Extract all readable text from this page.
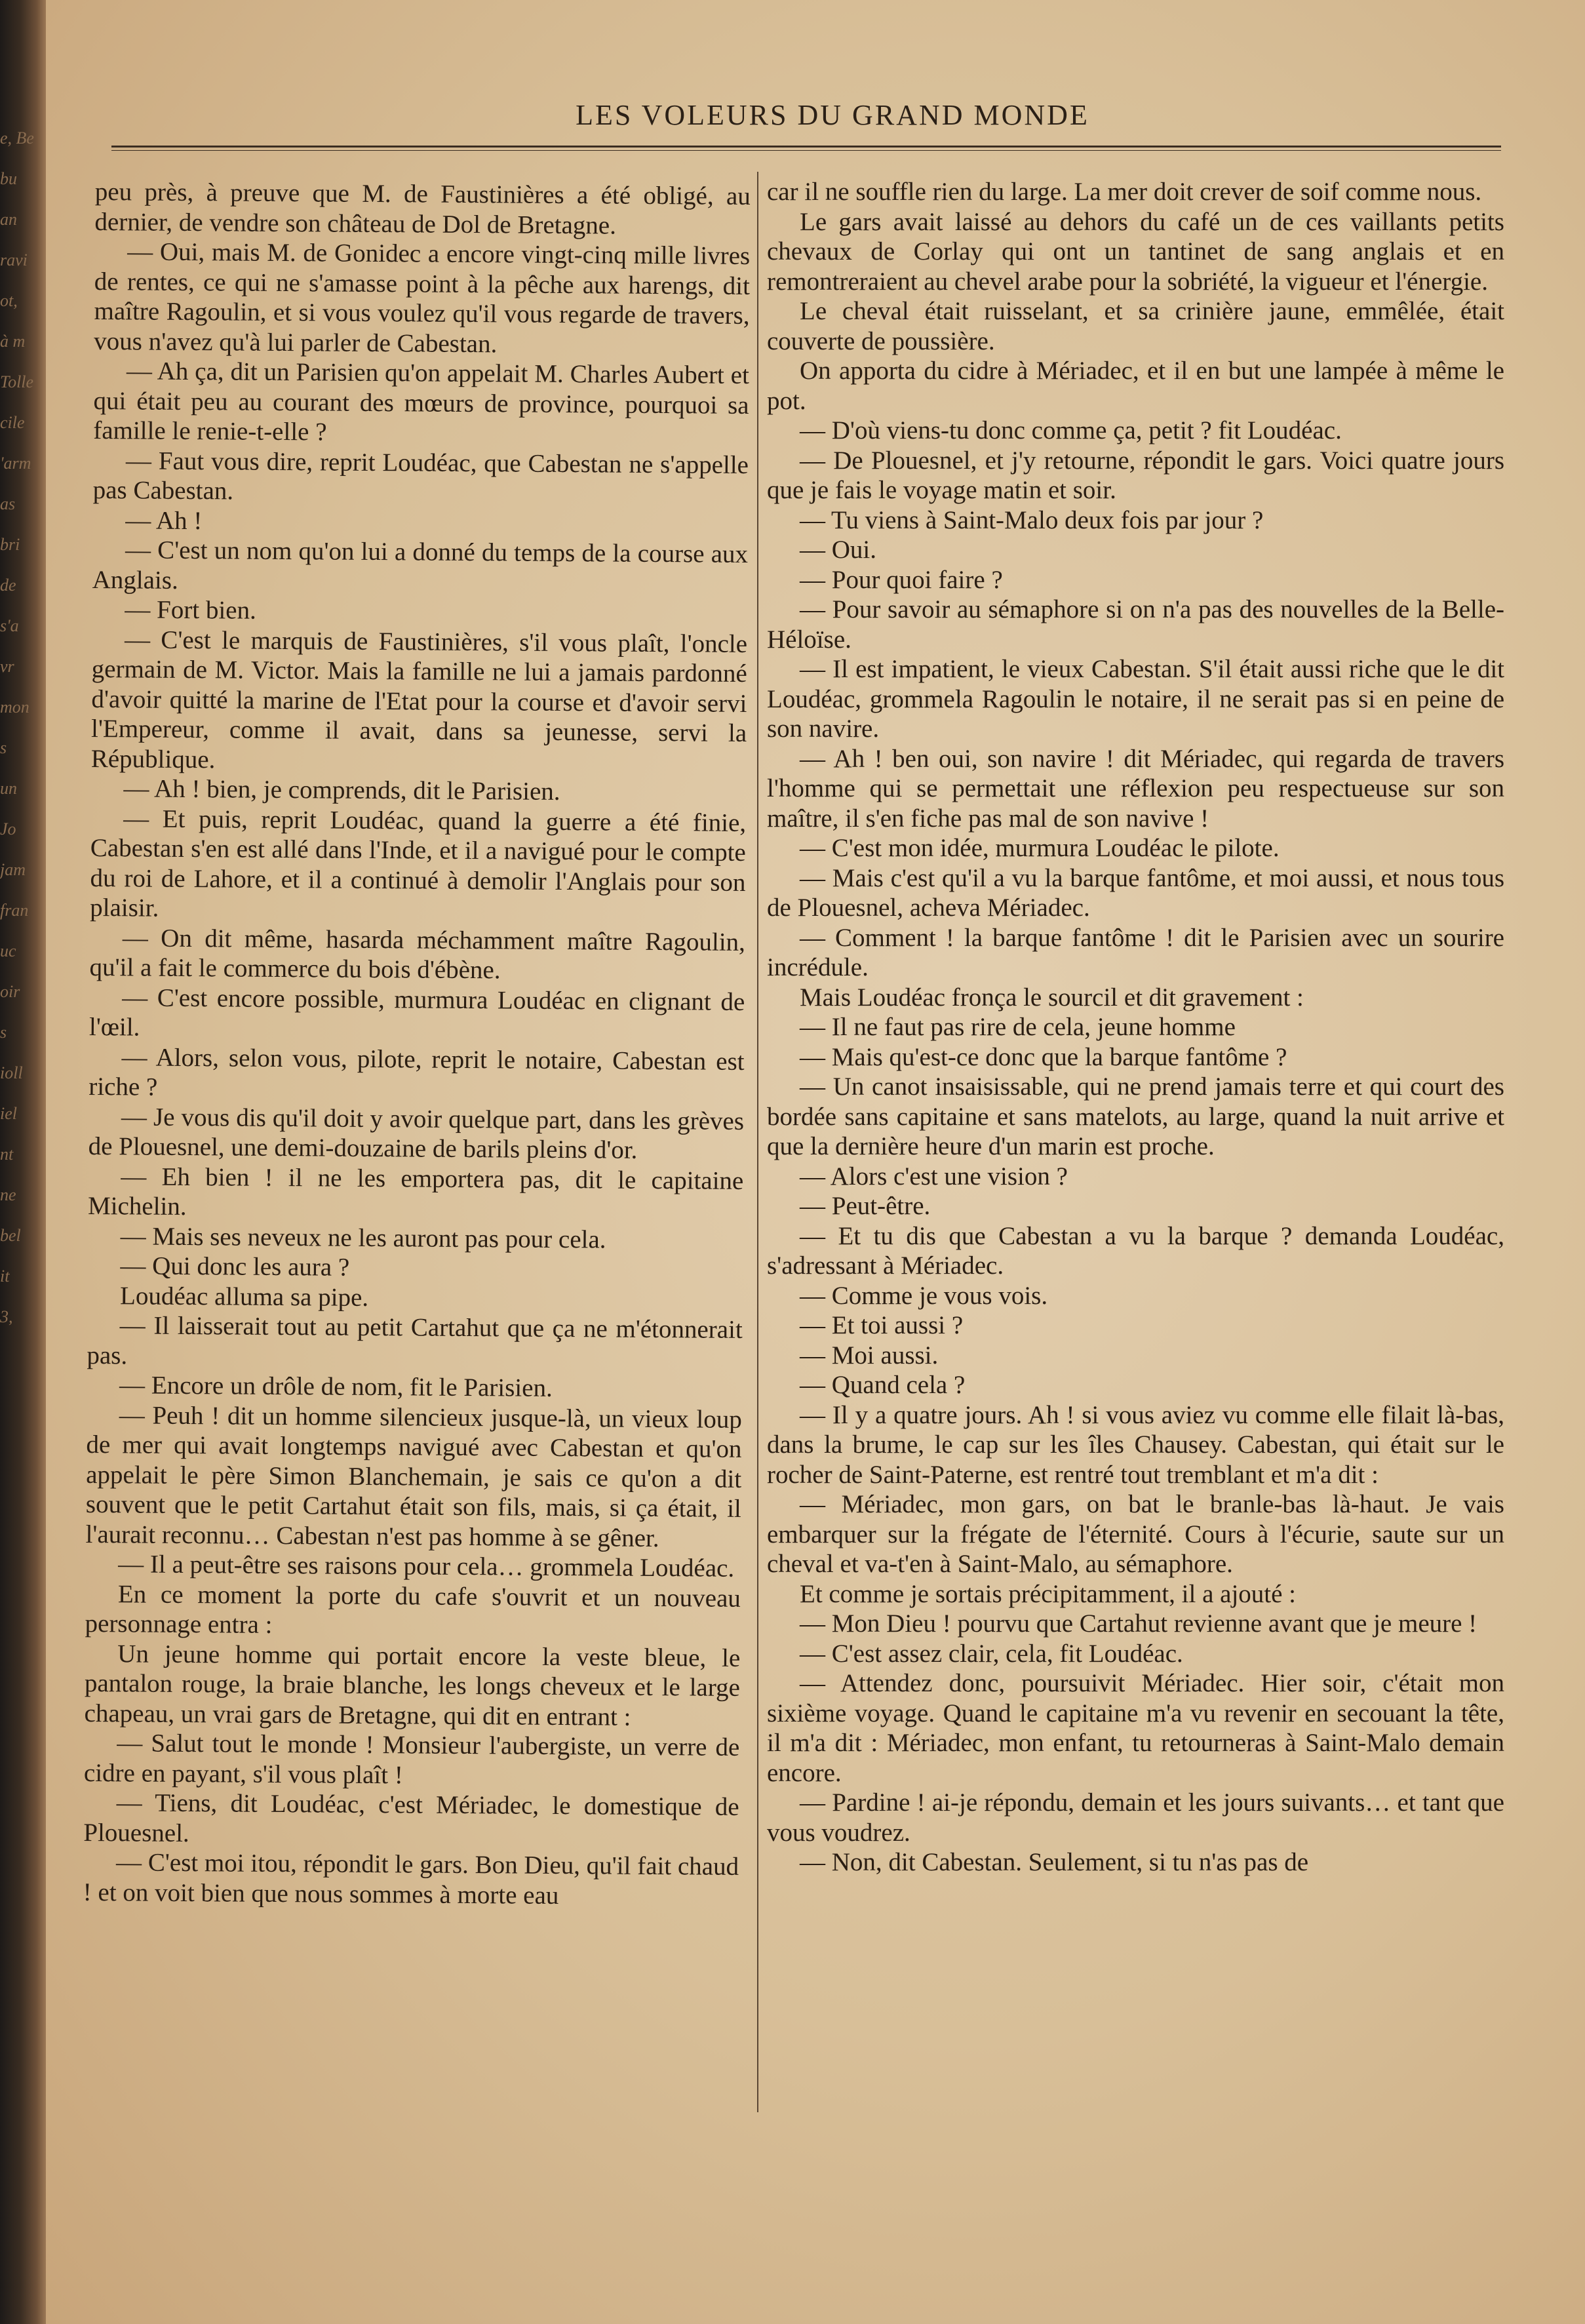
e, Be
bu
an
ravi
ot,
à m
Tolle
cile
'arm
as
bri
de
s'a
vr
mon
s
un
Jo
jam
fran
uc
oir
s
ioll
iel
nt
ne
bel
it
3,
LES VOLEURS DU GRAND MONDE

peu près, à preuve que M. de Faustinières a été obligé, au dernier, de vendre son château de Dol de Bretagne.

— Oui, mais M. de Gonidec a encore vingt-cinq mille livres de rentes, ce qui ne s'amasse point à la pêche aux harengs, dit maître Ragoulin, et si vous voulez qu'il vous regarde de travers, vous n'avez qu'à lui parler de Cabestan.

— Ah ça, dit un Parisien qu'on appelait M. Charles Aubert et qui était peu au courant des mœurs de province, pourquoi sa famille le renie-t-elle ?

— Faut vous dire, reprit Loudéac, que Cabestan ne s'appelle pas Cabestan.

— Ah !

— C'est un nom qu'on lui a donné du temps de la course aux Anglais.

— Fort bien.

— C'est le marquis de Faustinières, s'il vous plaît, l'oncle germain de M. Victor. Mais la famille ne lui a jamais pardonné d'avoir quitté la marine de l'Etat pour la course et d'avoir servi l'Empereur, comme il avait, dans sa jeunesse, servi la République.

— Ah ! bien, je comprends, dit le Parisien.

— Et puis, reprit Loudéac, quand la guerre a été finie, Cabestan s'en est allé dans l'Inde, et il a navigué pour le compte du roi de Lahore, et il a continué à demolir l'Anglais pour son plaisir.

— On dit même, hasarda méchamment maître Ragoulin, qu'il a fait le commerce du bois d'ébène.

— C'est encore possible, murmura Loudéac en clignant de l'œil.

— Alors, selon vous, pilote, reprit le notaire, Cabestan est riche ?

— Je vous dis qu'il doit y avoir quelque part, dans les grèves de Plouesnel, une demi-douzaine de barils pleins d'or.

— Eh bien ! il ne les emportera pas, dit le capitaine Michelin.

— Mais ses neveux ne les auront pas pour cela.

— Qui donc les aura ?

Loudéac alluma sa pipe.

— Il laisserait tout au petit Cartahut que ça ne m'étonnerait pas.

— Encore un drôle de nom, fit le Parisien.

— Peuh ! dit un homme silencieux jusque-là, un vieux loup de mer qui avait longtemps navigué avec Cabestan et qu'on appelait le père Simon Blanchemain, je sais ce qu'on a dit souvent que le petit Cartahut était son fils, mais, si ça était, il l'aurait reconnu… Cabestan n'est pas homme à se gêner.

— Il a peut-être ses raisons pour cela… grommela Loudéac.

En ce moment la porte du cafe s'ouvrit et un nouveau personnage entra :

Un jeune homme qui portait encore la veste bleue, le pantalon rouge, la braie blanche, les longs cheveux et le large chapeau, un vrai gars de Bretagne, qui dit en entrant :

— Salut tout le monde ! Monsieur l'aubergiste, un verre de cidre en payant, s'il vous plaît !

— Tiens, dit Loudéac, c'est Mériadec, le domestique de Plouesnel.

— C'est moi itou, répondit le gars. Bon Dieu, qu'il fait chaud ! et on voit bien que nous sommes à morte eau

car il ne souffle rien du large. La mer doit crever de soif comme nous.

Le gars avait laissé au dehors du café un de ces vaillants petits chevaux de Corlay qui ont un tantinet de sang anglais et en remontreraient au chevel arabe pour la sobriété, la vigueur et l'énergie.

Le cheval était ruisselant, et sa crinière jaune, emmêlée, était couverte de poussière.

On apporta du cidre à Mériadec, et il en but une lampée à même le pot.

— D'où viens-tu donc comme ça, petit ? fit Loudéac.

— De Plouesnel, et j'y retourne, répondit le gars. Voici quatre jours que je fais le voyage matin et soir.

— Tu viens à Saint-Malo deux fois par jour ?

— Oui.

— Pour quoi faire ?

— Pour savoir au sémaphore si on n'a pas des nouvelles de la Belle-Héloïse.

— Il est impatient, le vieux Cabestan. S'il était aussi riche que le dit Loudéac, grommela Ragoulin le notaire, il ne serait pas si en peine de son navire.

— Ah ! ben oui, son navire ! dit Mériadec, qui regarda de travers l'homme qui se permettait une réflexion peu respectueuse sur son maître, il s'en fiche pas mal de son navive !

— C'est mon idée, murmura Loudéac le pilote.

— Mais c'est qu'il a vu la barque fantôme, et moi aussi, et nous tous de Plouesnel, acheva Mériadec.

— Comment ! la barque fantôme ! dit le Parisien avec un sourire incrédule.

Mais Loudéac fronça le sourcil et dit gravement :

— Il ne faut pas rire de cela, jeune homme

— Mais qu'est-ce donc que la barque fantôme ?

— Un canot insaisissable, qui ne prend jamais terre et qui court des bordée sans capitaine et sans matelots, au large, quand la nuit arrive et que la dernière heure d'un marin est proche.

— Alors c'est une vision ?

— Peut-être.

— Et tu dis que Cabestan a vu la barque ? demanda Loudéac, s'adressant à Mériadec.

— Comme je vous vois.

— Et toi aussi ?

— Moi aussi.

— Quand cela ?

— Il y a quatre jours. Ah ! si vous aviez vu comme elle filait là-bas, dans la brume, le cap sur les îles Chausey. Cabestan, qui était sur le rocher de Saint-Paterne, est rentré tout tremblant et m'a dit :

— Mériadec, mon gars, on bat le branle-bas là-haut. Je vais embarquer sur la frégate de l'éternité. Cours à l'écurie, saute sur un cheval et va-t'en à Saint-Malo, au sémaphore.

Et comme je sortais précipitamment, il a ajouté :

— Mon Dieu ! pourvu que Cartahut revienne avant que je meure !

— C'est assez clair, cela, fit Loudéac.

— Attendez donc, poursuivit Mériadec. Hier soir, c'était mon sixième voyage. Quand le capitaine m'a vu revenir en secouant la tête, il m'a dit : Mériadec, mon enfant, tu retourneras à Saint-Malo demain encore.

— Pardine ! ai-je répondu, demain et les jours suivants… et tant que vous voudrez.

— Non, dit Cabestan. Seulement, si tu n'as pas de
